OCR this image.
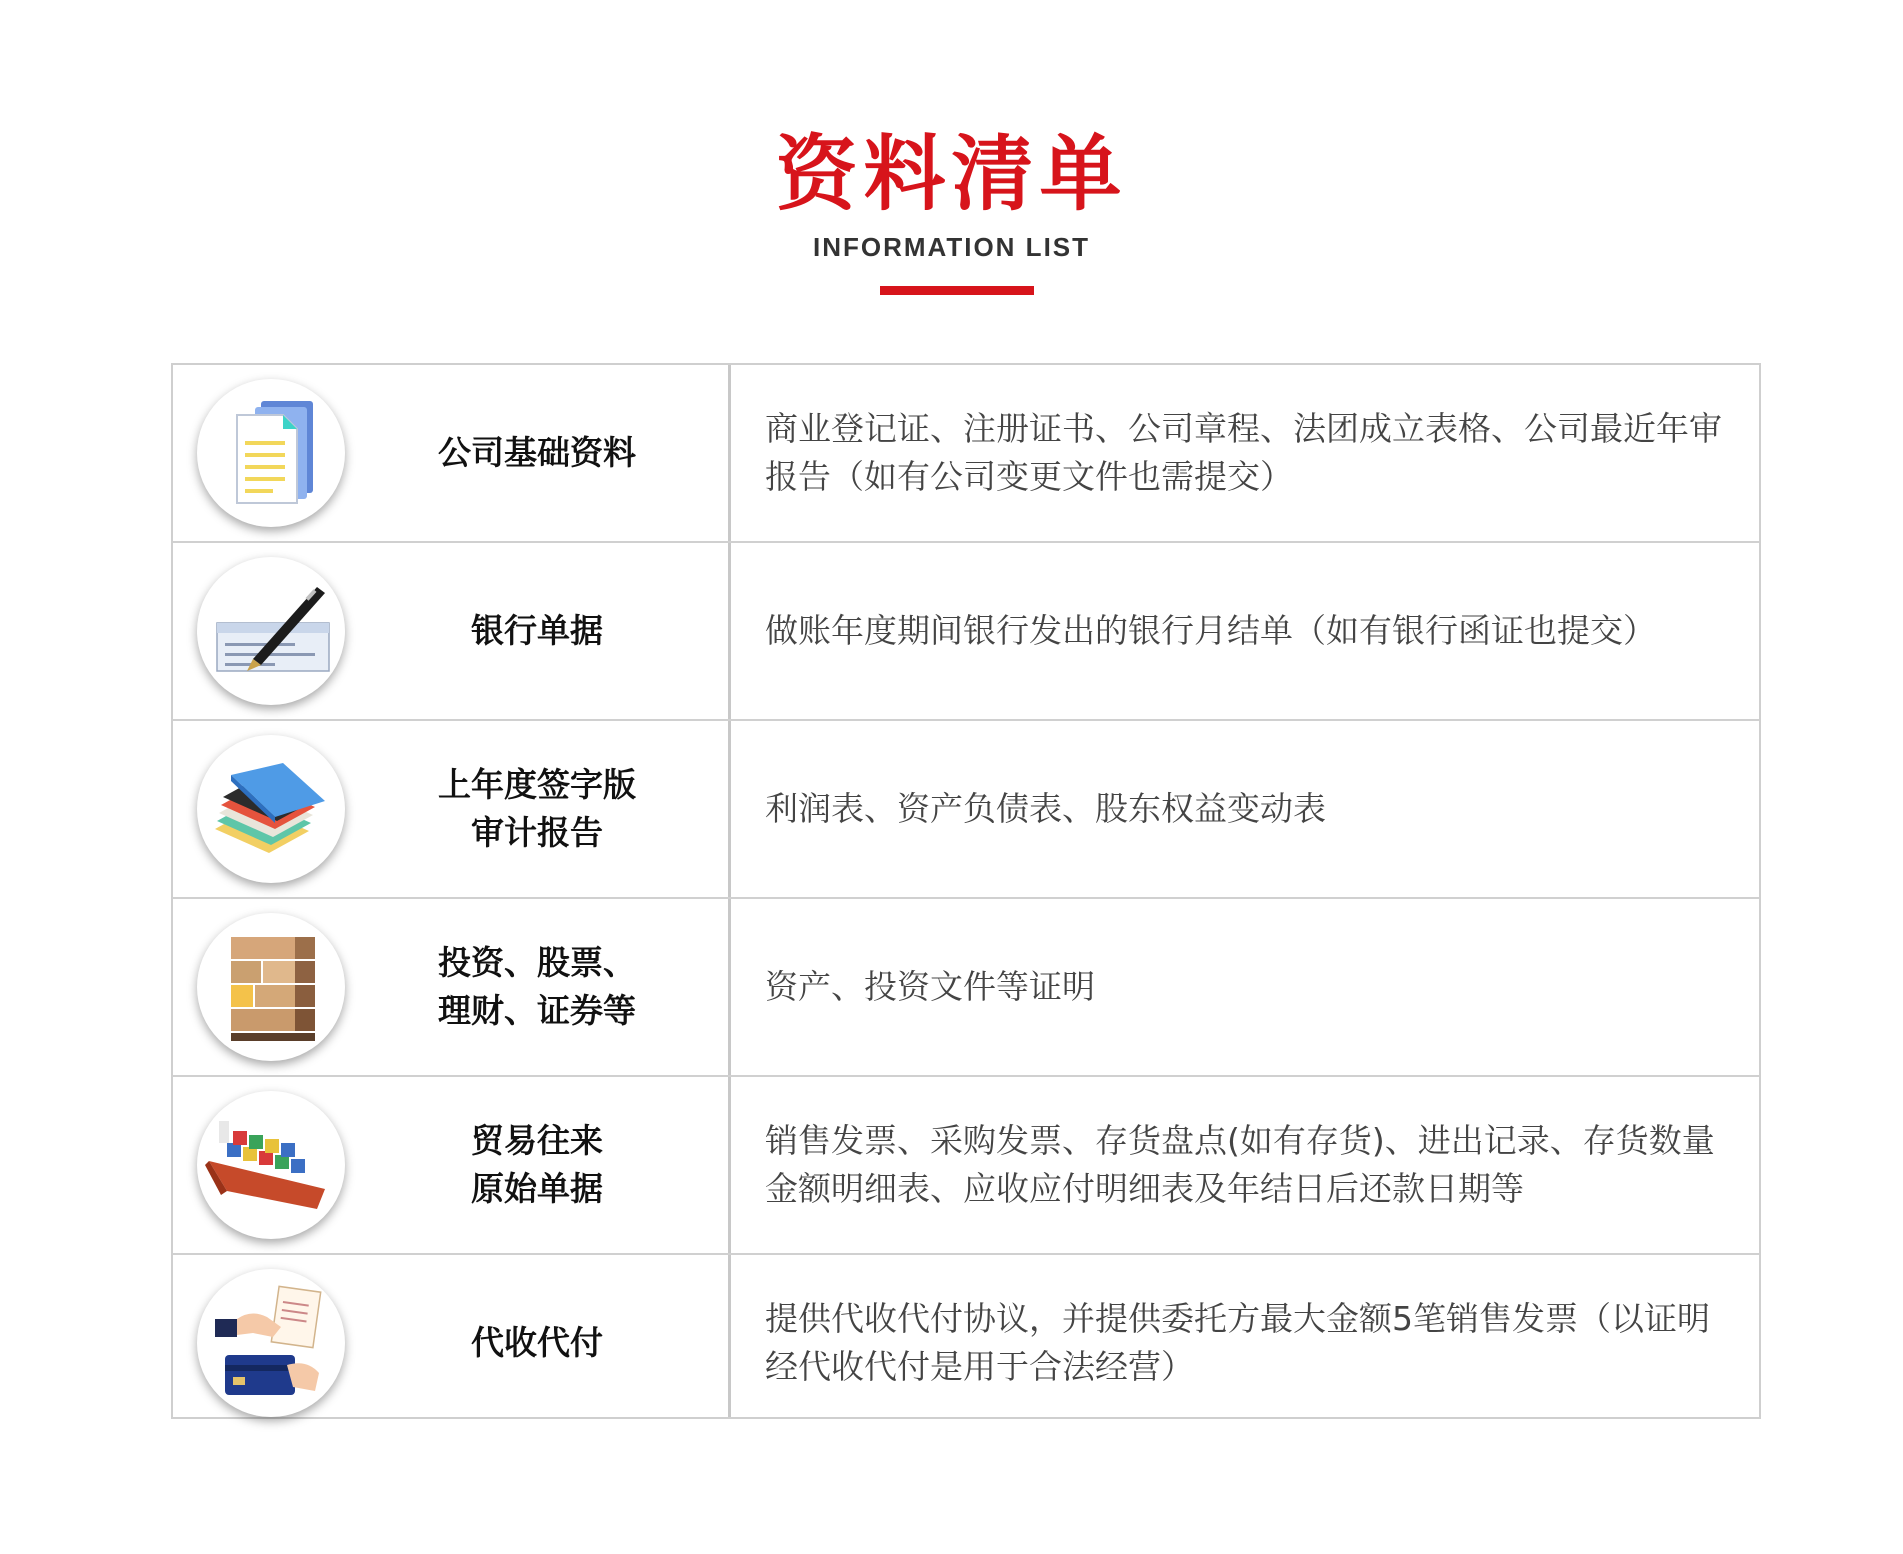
资料清单
INFORMATION LIST
公司基础资料
商业登记证、注册证书、公司章程、法团成立表格、公司最近年审报告（如有公司变更文件也需提交）
银行单据	做账年度期间银行发出的银行月结单（如有银行函证也提交）
上年度签字版
审计报告
利润表、资产负债表、股东权益变动表
投资、股票、
理财、证券等
资产、投资文件等证明
贸易往来
原始单据
销售发票、采购发票、存货盘点(如有存货)、进出记录、存货数量金额明细表、应收应付明细表及年结日后还款日期等
代收代付
提供代收代付协议，并提供委托方最大金额5笔销售发票（以证明经代收代付是用于合法经营）
